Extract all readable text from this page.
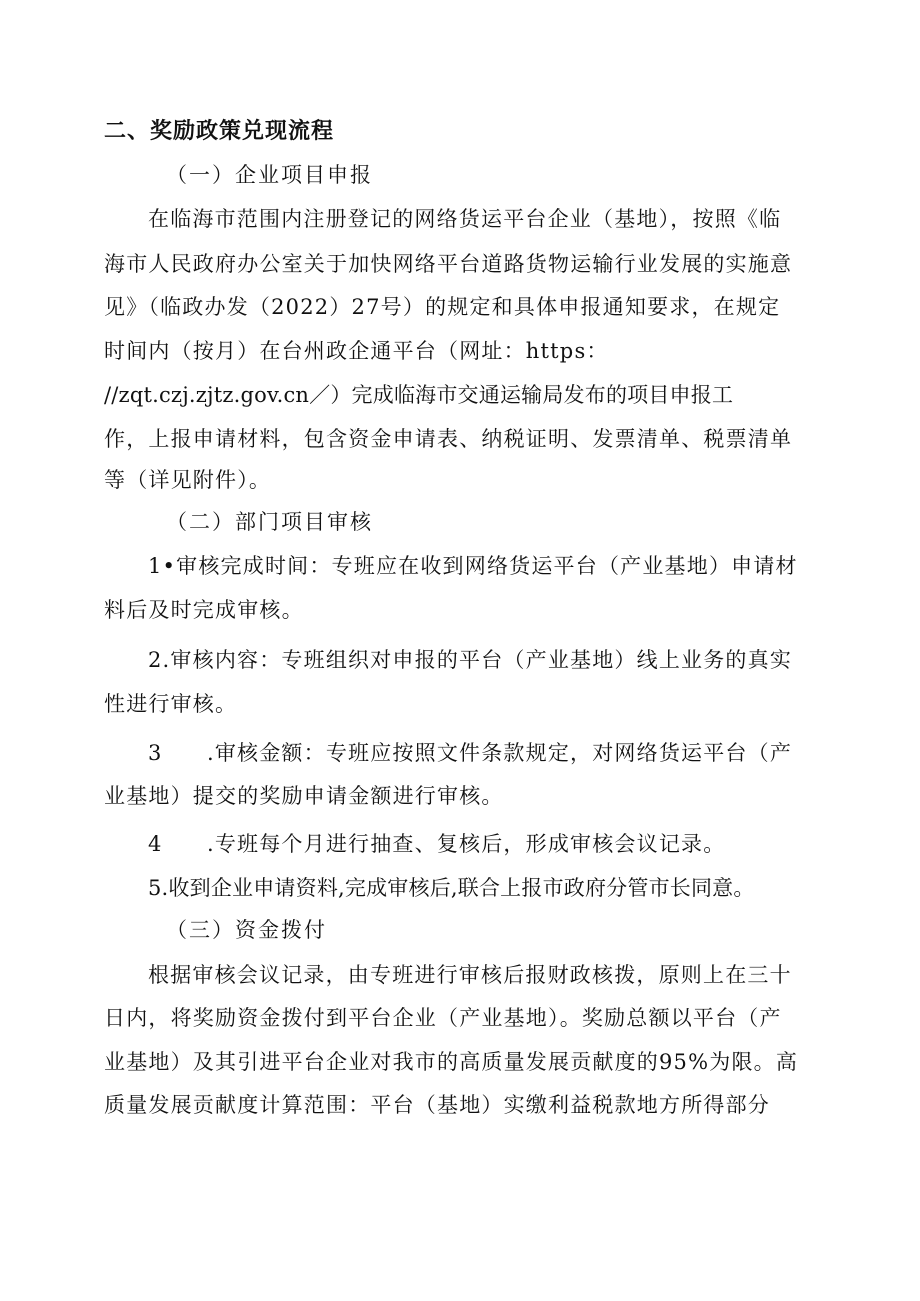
二、奖励政策兑现流程
（一）企业项目申报
在临海市范围内注册登记的网络货运平台企业（基地），按照《临
海市人民政府办公室关于加快网络平台道路货物运输行业发展的实施意
见》（临政办发（2022）27号）的规定和具体申报通知要求，在规定
时间内（按月）在台州政企通平台（网址：https：
//zqt.czj.zjtz.gov.cn／）完成临海市交通运输局发布的项目申报工
作，上报申请材料，包含资金申请表、纳税证明、发票清单、税票清单
等（详见附件）。
（二）部门项目审核
1•审核完成时间：专班应在收到网络货运平台（产业基地）申请材
料后及时完成审核。
2.审核内容：专班组织对申报的平台（产业基地）线上业务的真实
性进行审核。
3　　.审核金额：专班应按照文件条款规定，对网络货运平台（产
业基地）提交的奖励申请金额进行审核。
4　　.专班每个月进行抽查、复核后，形成审核会议记录。
5.收到企业申请资料,完成审核后,联合上报市政府分管市长同意。
（三）资金拨付
根据审核会议记录，由专班进行审核后报财政核拨，原则上在三十
日内，将奖励资金拨付到平台企业（产业基地）。奖励总额以平台（产
业基地）及其引进平台企业对我市的高质量发展贡献度的95%为限。高
质量发展贡献度计算范围：平台（基地）实缴利益税款地方所得部分
